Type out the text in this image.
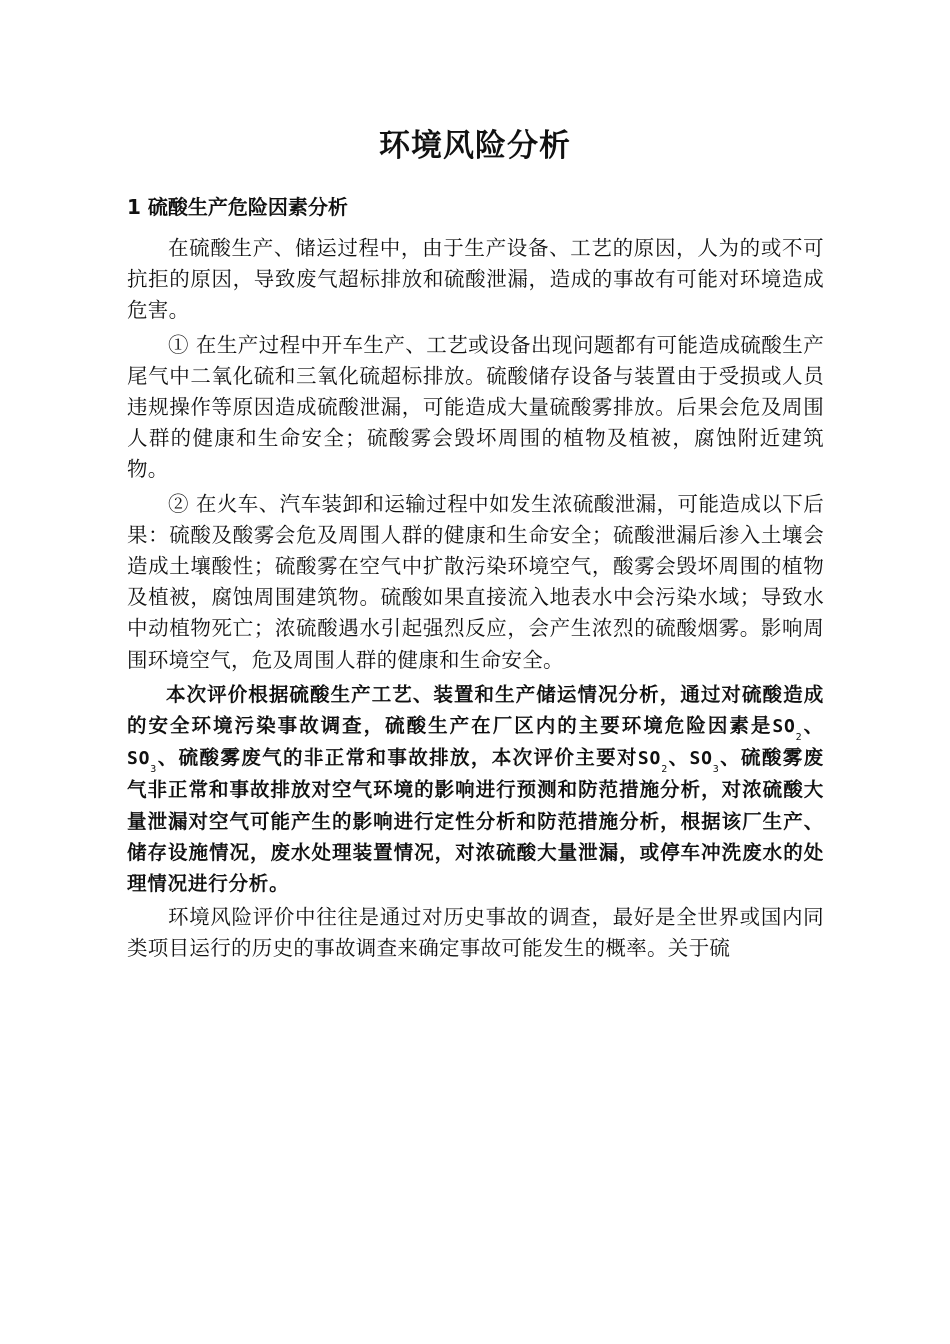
环境风险分析
1 硫酸生产危险因素分析

在硫酸生产、储运过程中，由于生产设备、工艺的原因，人为的或不可抗拒的原因，导致废气超标排放和硫酸泄漏，造成的事故有可能对环境造成危害。

① 在生产过程中开车生产、工艺或设备出现问题都有可能造成硫酸生产尾气中二氧化硫和三氧化硫超标排放。硫酸储存设备与装置由于受损或人员违规操作等原因造成硫酸泄漏，可能造成大量硫酸雾排放。后果会危及周围人群的健康和生命安全；硫酸雾会毁坏周围的植物及植被，腐蚀附近建筑物。

② 在火车、汽车装卸和运输过程中如发生浓硫酸泄漏，可能造成以下后果：硫酸及酸雾会危及周围人群的健康和生命安全；硫酸泄漏后渗入土壤会造成土壤酸性；硫酸雾在空气中扩散污染环境空气，酸雾会毁坏周围的植物及植被，腐蚀周围建筑物。硫酸如果直接流入地表水中会污染水域；导致水中动植物死亡；浓硫酸遇水引起强烈反应，会产生浓烈的硫酸烟雾。影响周围环境空气，危及周围人群的健康和生命安全。

本次评价根据硫酸生产工艺、装置和生产储运情况分析，通过对硫酸造成的安全环境污染事故调查，硫酸生产在厂区内的主要环境危险因素是$SO_2$、$SO_3$、硫酸雾废气的非正常和事故排放，本次评价主要对$SO_2$、$SO_3$、硫酸雾废气非正常和事故排放对空气环境的影响进行预测和防范措施分析，对浓硫酸大量泄漏对空气可能产生的影响进行定性分析和防范措施分析，根据该厂生产、储存设施情况，废水处理装置情况，对浓硫酸大量泄漏，或停车冲洗废水的处理情况进行分析。

环境风险评价中往往是通过对历史事故的调查，最好是全世界或国内同类项目运行的历史的事故调查来确定事故可能发生的概率。关于硫
